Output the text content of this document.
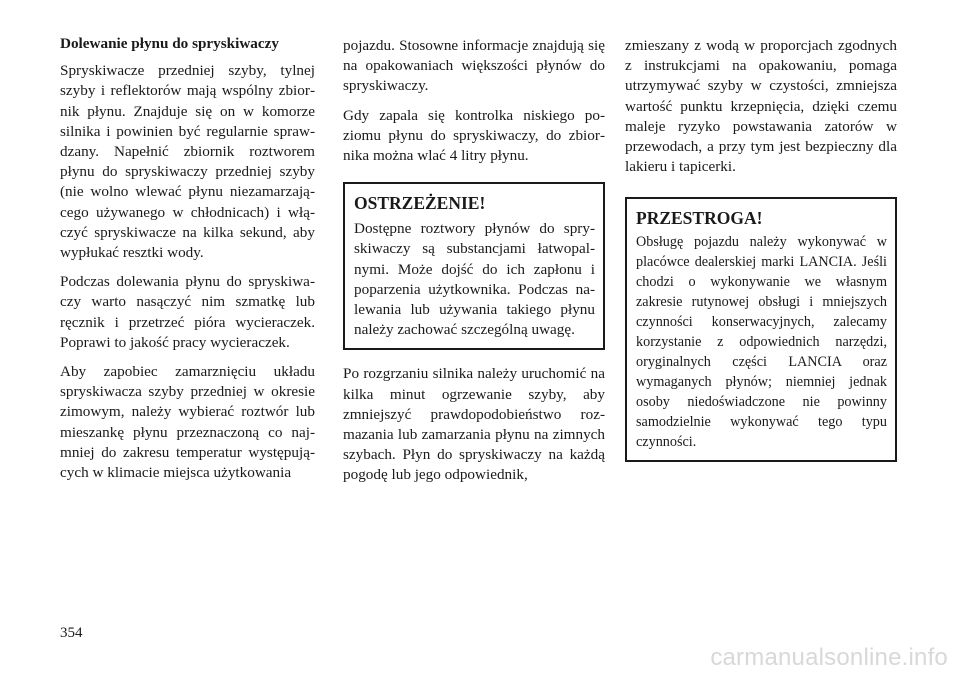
Dolewanie płynu do spryskiwaczy

Spryskiwacze przedniej szyby, tylnej szyby i reflektorów mają wspólny zbiornik płynu. Znajduje się on w komorze silnika i powinien być regularnie sprawdzany. Napełnić zbiornik roztworem płynu do spryskiwaczy przedniej szyby (nie wolno wlewać płynu niezamarzającego używanego w chłodnicach) i włączyć spryskiwacze na kilka sekund, aby wypłukać resztki wody.

Podczas dolewania płynu do spryskiwaczy warto nasączyć nim szmatkę lub ręcznik i przetrzeć pióra wycieraczek. Poprawi to jakość pracy wycieraczek.

Aby zapobiec zamarznięciu układu spryskiwacza szyby przedniej w okresie zimowym, należy wybierać roztwór lub mieszankę płynu przeznaczoną co najmniej do zakresu temperatur występujących w klimacie miejsca użytkowania

pojazdu. Stosowne informacje znajdują się na opakowaniach większości płynów do spryskiwaczy.

Gdy zapala się kontrolka niskiego poziomu płynu do spryskiwaczy, do zbiornika można wlać 4 litry płynu.

OSTRZEŻENIE!

Dostępne roztwory płynów do spryskiwaczy są substancjami łatwopalnymi. Może dojść do ich zapłonu i poparzenia użytkownika. Podczas nalewania lub używania takiego płynu należy zachować szczególną uwagę.

Po rozgrzaniu silnika należy uruchomić na kilka minut ogrzewanie szyby, aby zmniejszyć prawdopodobieństwo rozmazania lub zamarzania płynu na zimnych szybach. Płyn do spryskiwaczy na każdą pogodę lub jego odpowiednik,

zmieszany z wodą w proporcjach zgodnych z instrukcjami na opakowaniu, pomaga utrzymywać szyby w czystości, zmniejsza wartość punktu krzepnięcia, dzięki czemu maleje ryzyko powstawania zatorów w przewodach, a przy tym jest bezpieczny dla lakieru i tapicerki.

PRZESTROGA!

Obsługę pojazdu należy wykonywać w placówce dealerskiej marki LANCIA. Jeśli chodzi o wykonywanie we własnym zakresie rutynowej obsługi i mniejszych czynności konserwacyjnych, zalecamy korzystanie z odpowiednich narzędzi, oryginalnych części LANCIA oraz wymaganych płynów; niemniej jednak osoby niedoświadczone nie powinny samodzielnie wykonywać tego typu czynności.

354
carmanualsonline.info
